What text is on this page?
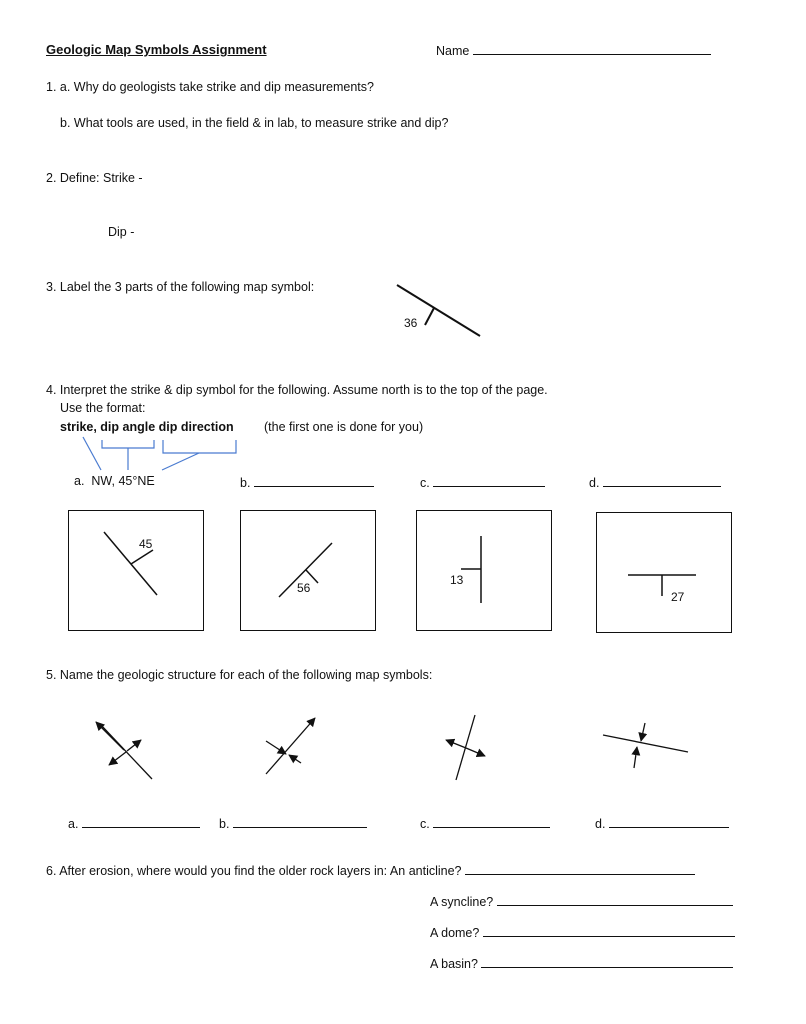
Geologic Map Symbols Assignment	Name
1. a. Why do geologists take strike and dip measurements?
b. What tools are used, in the field & in lab, to measure strike and dip?
2. Define: Strike -
Dip -
3. Label the 3 parts of the following map symbol:
36
4. Interpret the strike & dip symbol for the following. Assume north is to the top of the page.
Use the format:
strike, dip angle dip direction (the first one is done for you)
a. NW, 45°NE	b.	c.	d.
45
56
13
27
5. Name the geologic structure for each of the following map symbols:
a.	b.	c.	d.
6. After erosion, where would you find the older rock layers in: An anticline?
A syncline?
A dome?
A basin?
